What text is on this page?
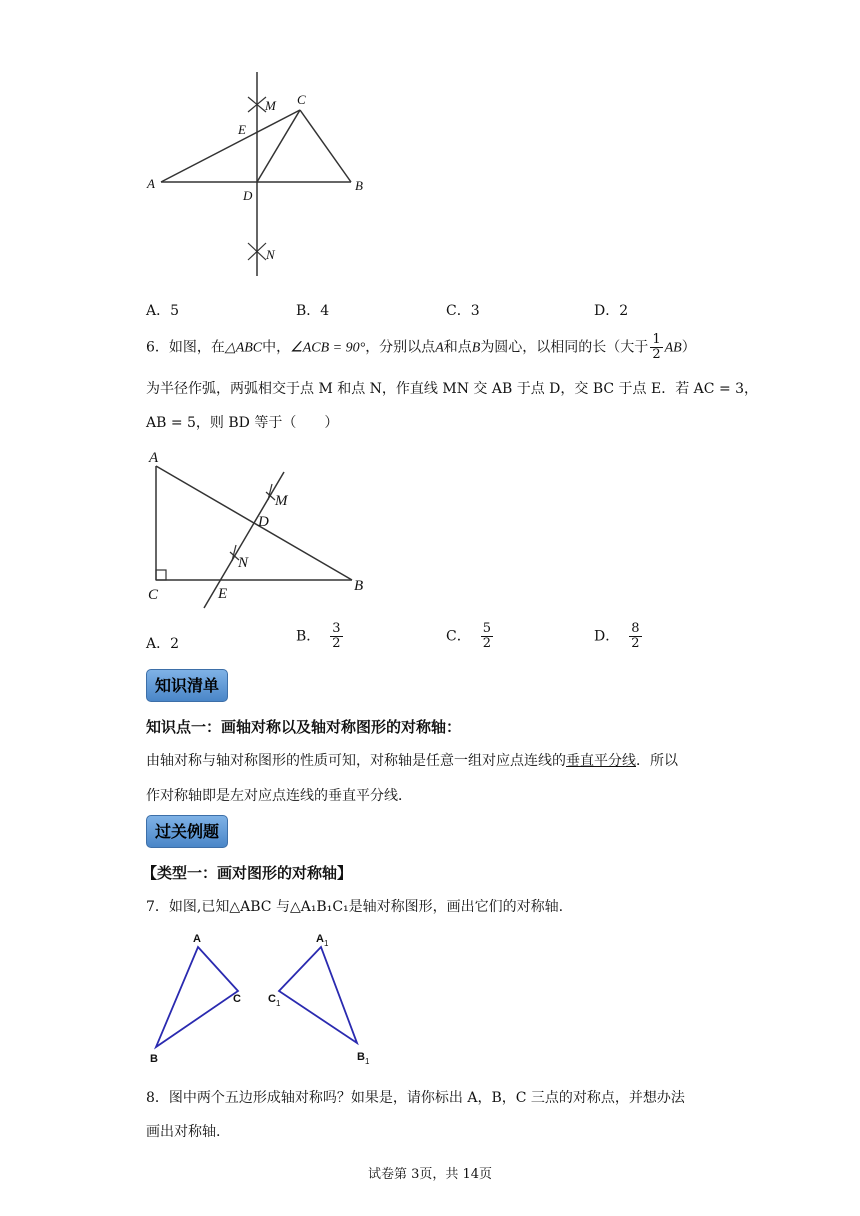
A	B
C
D
E
M
N
A．5	B．4	C．3	D．2
6．如图，在△ABC中，∠ACB = 90°，分别以点A和点B为圆心，以相同的长（大于 $\frac{1}{2} AB$）
为半径作弧，两弧相交于点 M 和点 N，作直线 MN 交 AB 于点 D，交 BC 于点 E．若 AC = 3，
AB = 5，则 BD 等于（　　）
A
B
C
D
E
M
N
A．2	B． $\frac{3}{2}$	C． $\frac{5}{2}$	D． $\frac{8}{2}$
知识清单
知识点一：画轴对称以及轴对称图形的对称轴：
由轴对称与轴对称图形的性质可知，对称轴是任意一组对应点连线的垂直平分线．所以
作对称轴即是左对应点连线的垂直平分线．
过关例题
【类型一：画对图形的对称轴】
7．如图,已知△ABC 与△A₁B₁C₁是轴对称图形，画出它们的对称轴.
A
C
B
A 1
C 1
B 1
8．图中两个五边形成轴对称吗？如果是，请你标出 A，B，C 三点的对称点，并想办法
画出对称轴.
试卷第 3页，共 14页
